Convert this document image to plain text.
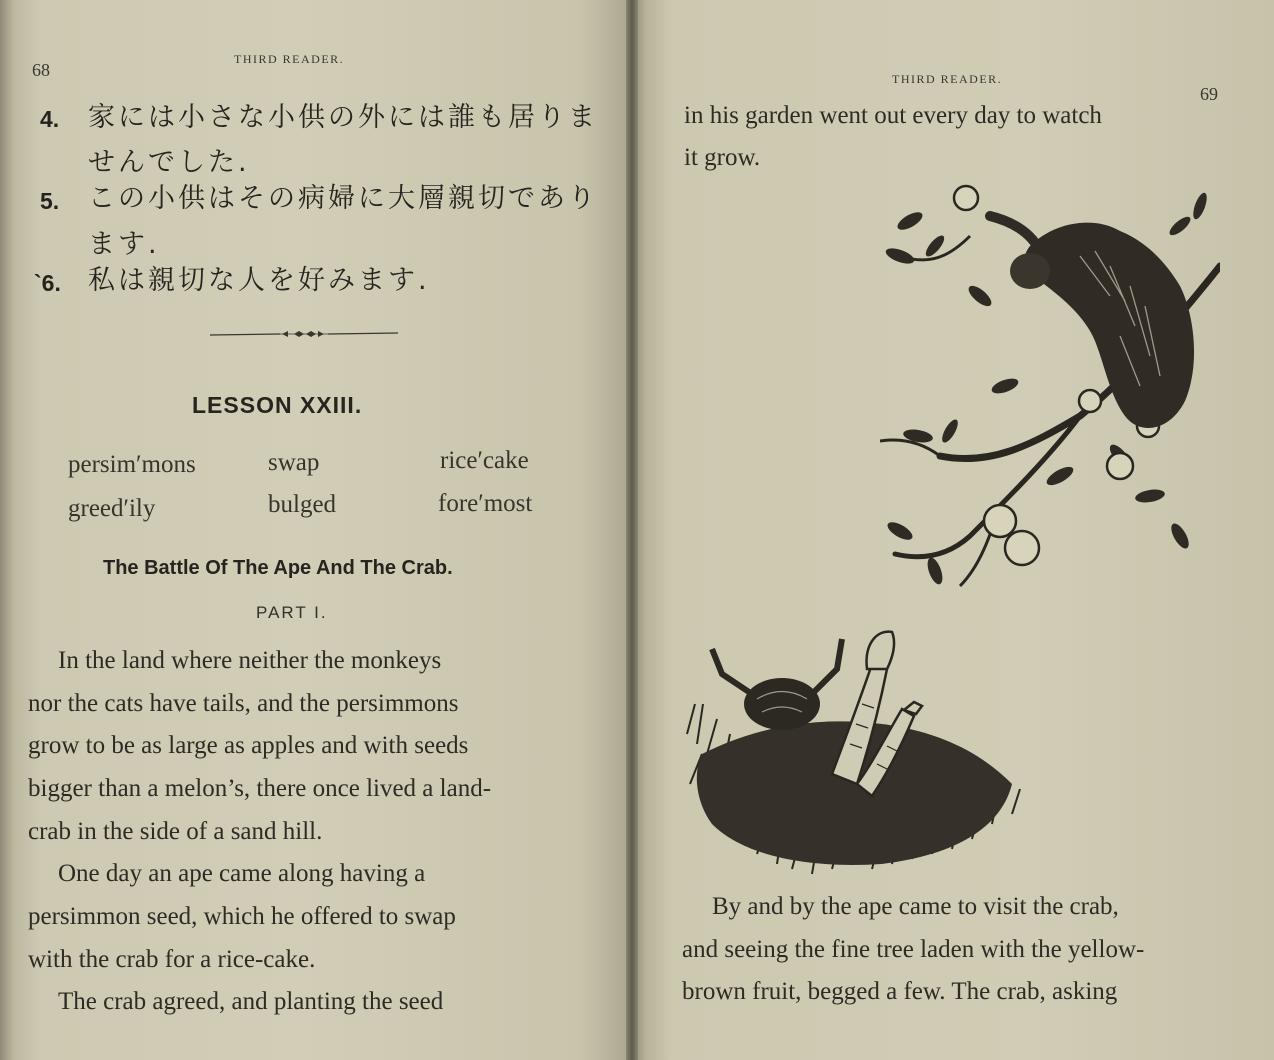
68
THIRD READER.
4. 家には小さな小供の外には誰も居りま
せんでした.
5. この小供はその病婦に大層親切であり
ます.
`6. 私は親切な人を好みます.
LESSON XXIII.
persim′mons	swap	rice′cake
greed′ily	bulged	fore′most
The Battle Of The Ape And The Crab.
PART I.
In the land where neither the monkeys
nor the cats have tails, and the persimmons
grow to be as large as apples and with seeds
bigger than a melon’s, there once lived a land-
crab in the side of a sand hill.
One day an ape came along having a
persimmon seed, which he offered to swap
with the crab for a rice-cake.
The crab agreed, and planting the seed
THIRD READER.
69
in his garden went out every day to watch
it grow.
By and by the ape came to visit the crab,
and seeing the fine tree laden with the yellow-
brown fruit, begged a few. The crab, asking
